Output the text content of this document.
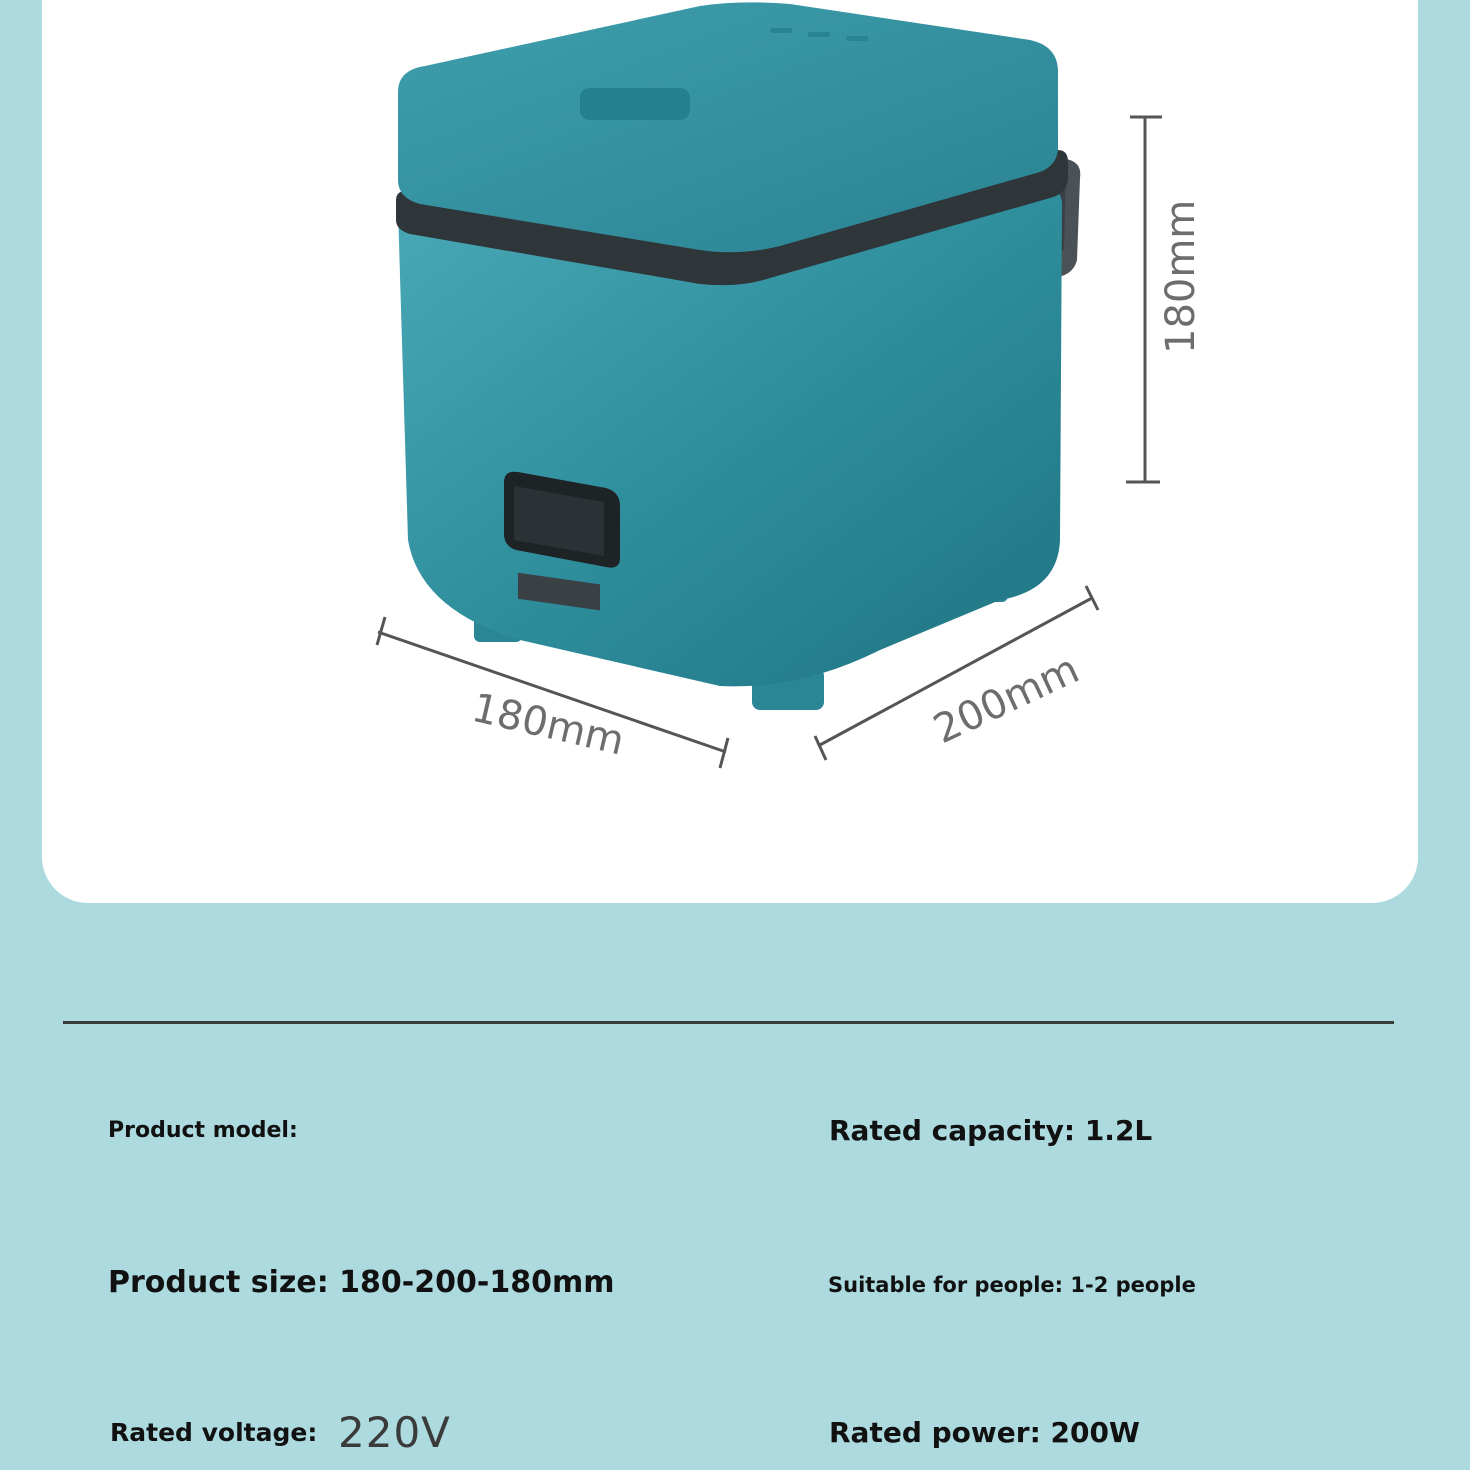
180mm
180mm	200mm
Product model:	Rated capacity: 1.2L
Product size: 180-200-180mm	Suitable for people: 1-2 people
Rated voltage: 220V	Rated power: 200W
